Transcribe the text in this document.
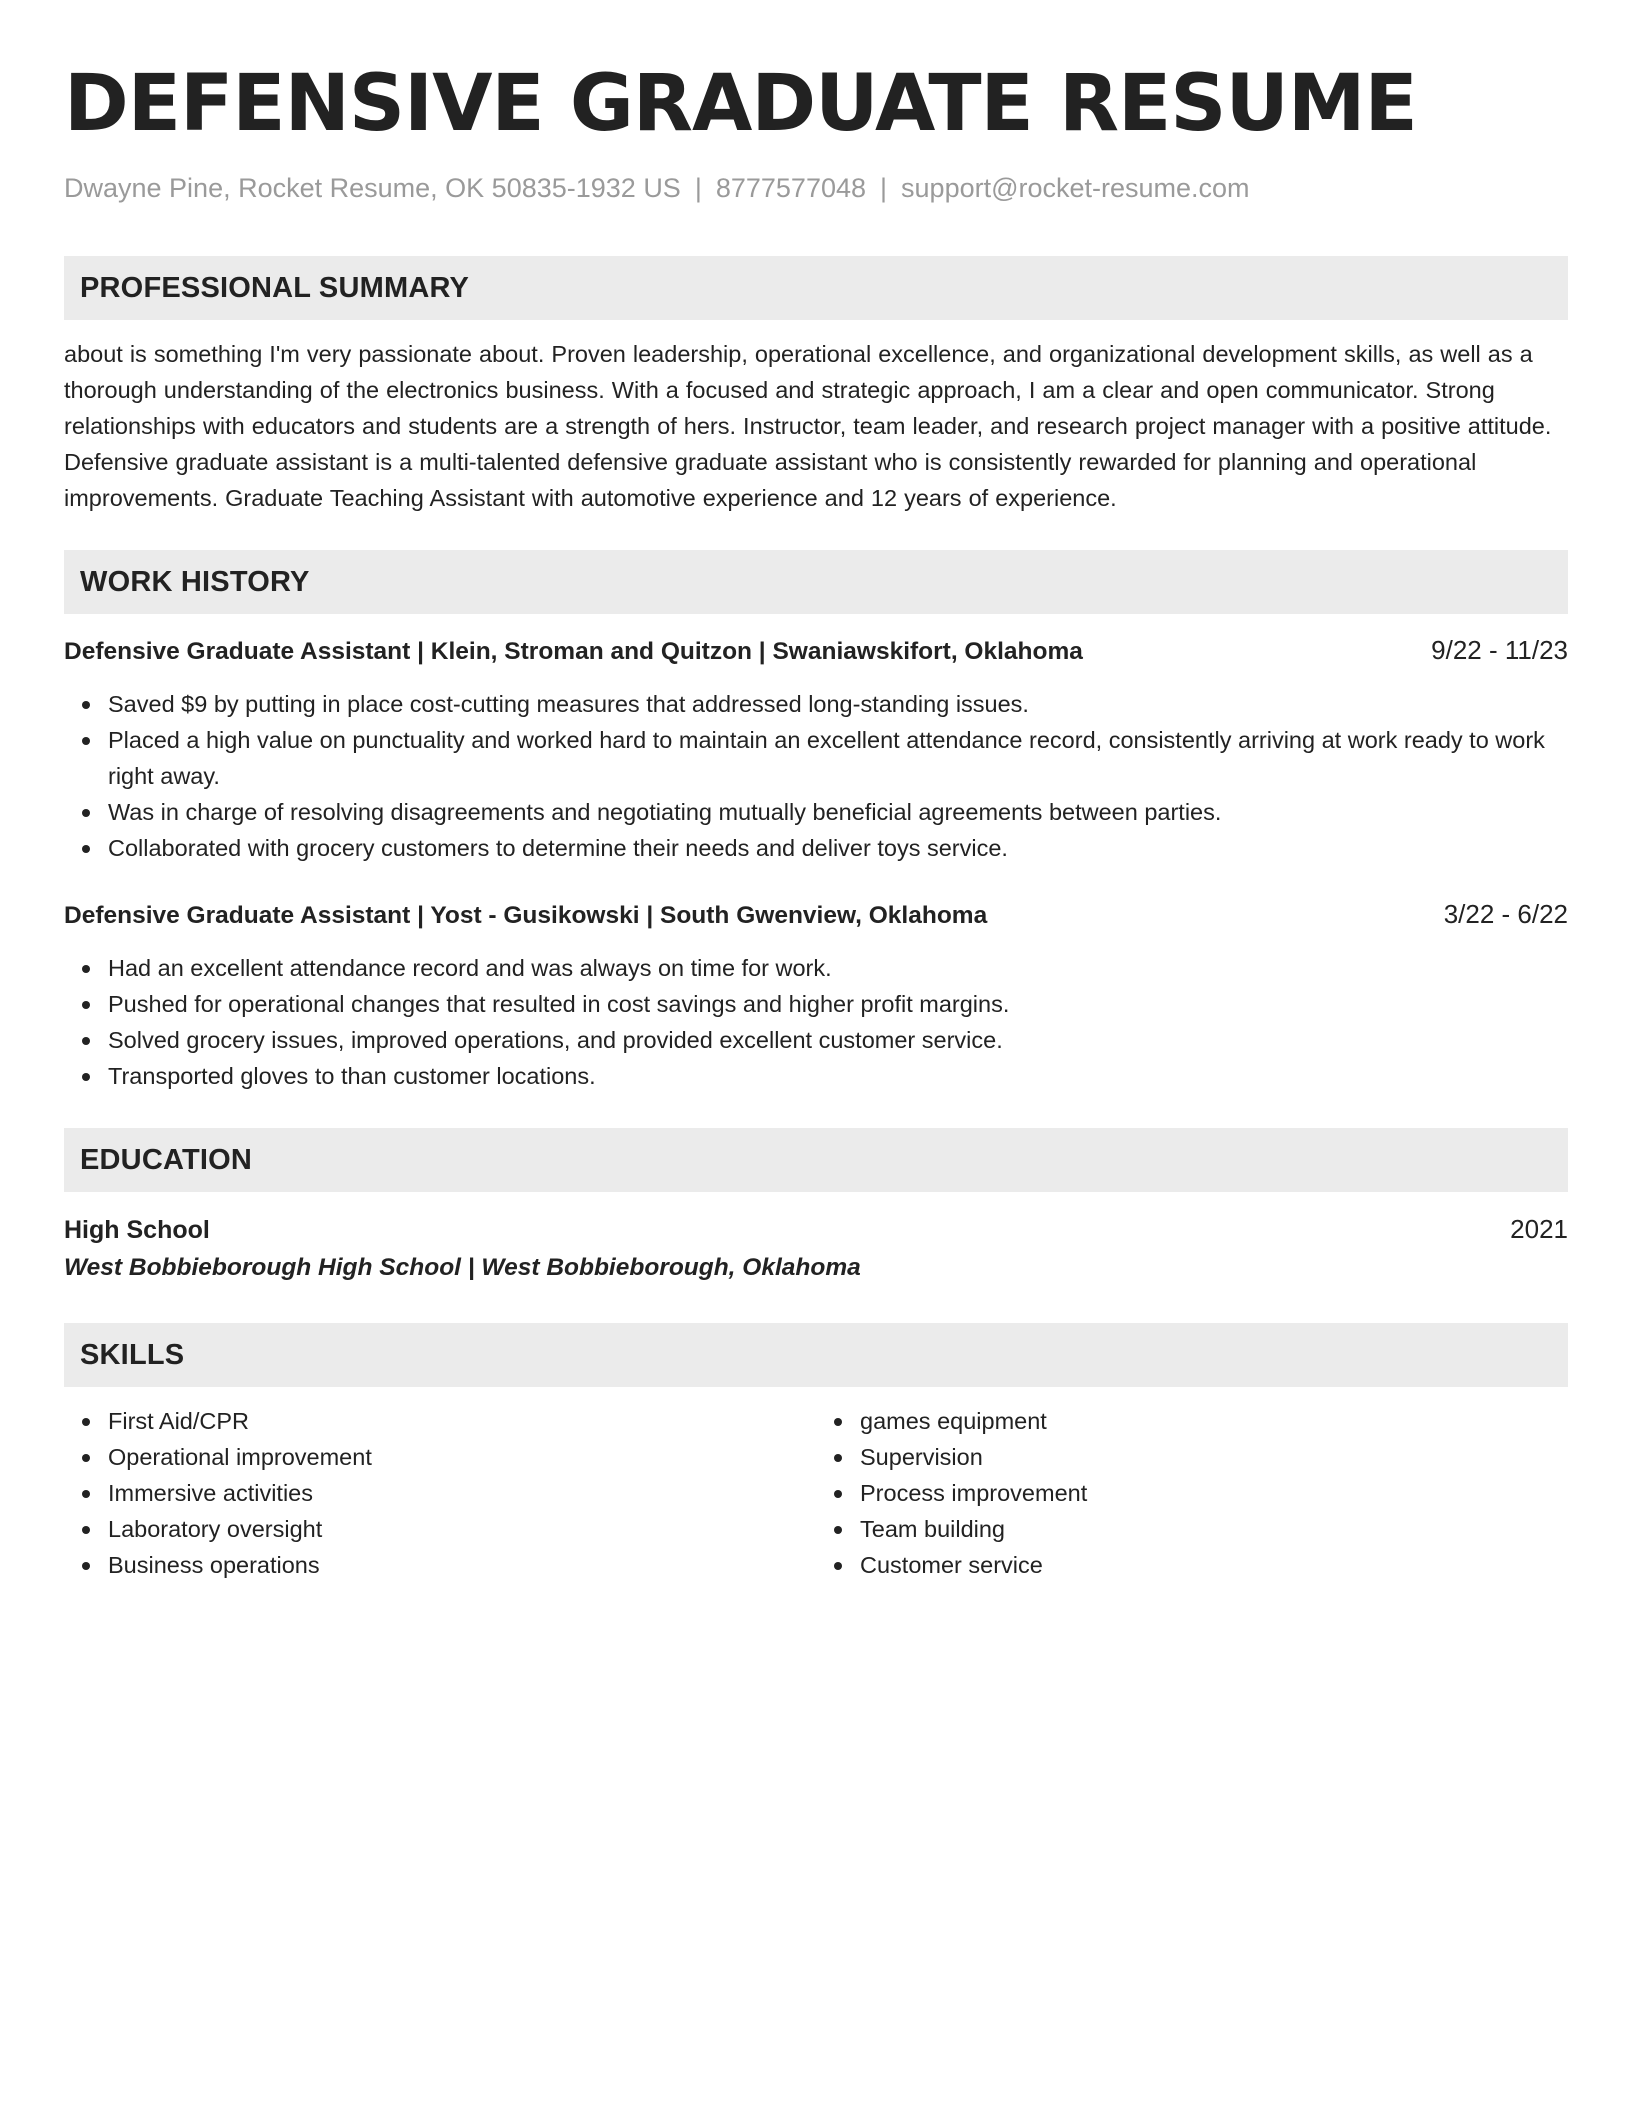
DEFENSIVE GRADUATE RESUME
Dwayne Pine, Rocket Resume, OK 50835-1932 US | 8777577048 | support@rocket-resume.com
PROFESSIONAL SUMMARY
about is something I'm very passionate about. Proven leadership, operational excellence, and organizational development skills, as well as a thorough understanding of the electronics business. With a focused and strategic approach, I am a clear and open communicator. Strong relationships with educators and students are a strength of hers. Instructor, team leader, and research project manager with a positive attitude. Defensive graduate assistant is a multi-talented defensive graduate assistant who is consistently rewarded for planning and operational improvements. Graduate Teaching Assistant with automotive experience and 12 years of experience.
WORK HISTORY
Defensive Graduate Assistant | Klein, Stroman and Quitzon | Swaniawskifort, Oklahoma	9/22 - 11/23
Saved $9 by putting in place cost-cutting measures that addressed long-standing issues.
Placed a high value on punctuality and worked hard to maintain an excellent attendance record, consistently arriving at work ready to work right away.
Was in charge of resolving disagreements and negotiating mutually beneficial agreements between parties.
Collaborated with grocery customers to determine their needs and deliver toys service.
Defensive Graduate Assistant | Yost - Gusikowski | South Gwenview, Oklahoma	3/22 - 6/22
Had an excellent attendance record and was always on time for work.
Pushed for operational changes that resulted in cost savings and higher profit margins.
Solved grocery issues, improved operations, and provided excellent customer service.
Transported gloves to than customer locations.
EDUCATION
High School	2021
West Bobbieborough High School | West Bobbieborough, Oklahoma
SKILLS
First Aid/CPR
Operational improvement
Immersive activities
Laboratory oversight
Business operations
games equipment
Supervision
Process improvement
Team building
Customer service
